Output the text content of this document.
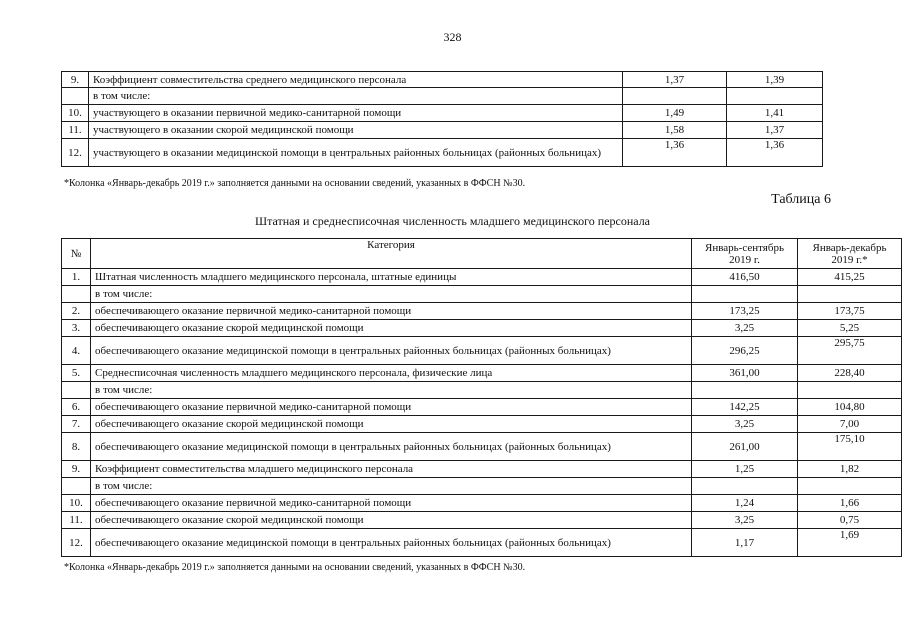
328
9.	Коэффициент совместительства среднего медицинского персонала	1,37	1,39
	в том числе:		
10.	участвующего в оказании первичной медико-санитарной помощи	1,49	1,41
11.	участвующего в оказании скорой медицинской помощи	1,58	1,37
12.	участвующего в оказании медицинской помощи в центральных районных больницах (районных больницах)	1,36	1,36
*Колонка «Январь-декабрь 2019 г.» заполняется данными на основании сведений, указанных в ФФСН №30.
Таблица 6
Штатная и среднесписочная численность младшего медицинского персонала
№	Категория	Январь-сентябрь 2019 г.	Январь-декабрь 2019 г.*
1.	Штатная численность младшего медицинского персонала, штатные единицы	416,50	415,25
	в том числе:		
2.	обеспечивающего оказание первичной медико-санитарной помощи	173,25	173,75
3.	обеспечивающего оказание скорой медицинской помощи	3,25	5,25
4.	обеспечивающего оказание медицинской помощи в центральных районных больницах (районных больницах)	296,25	295,75
5.	Среднесписочная численность младшего медицинского персонала, физические лица	361,00	228,40
	в том числе:		
6.	обеспечивающего оказание первичной медико-санитарной помощи	142,25	104,80
7.	обеспечивающего оказание скорой медицинской помощи	3,25	7,00
8.	обеспечивающего оказание медицинской помощи в центральных районных больницах (районных больницах)	261,00	175,10
9.	Коэффициент совместительства младшего медицинского персонала	1,25	1,82
	в том числе:		
10.	обеспечивающего оказание первичной медико-санитарной помощи	1,24	1,66
11.	обеспечивающего оказание скорой медицинской помощи	3,25	0,75
12.	обеспечивающего оказание медицинской помощи в центральных районных больницах (районных больницах)	1,17	1,69
*Колонка «Январь-декабрь 2019 г.» заполняется данными на основании сведений, указанных в ФФСН №30.
